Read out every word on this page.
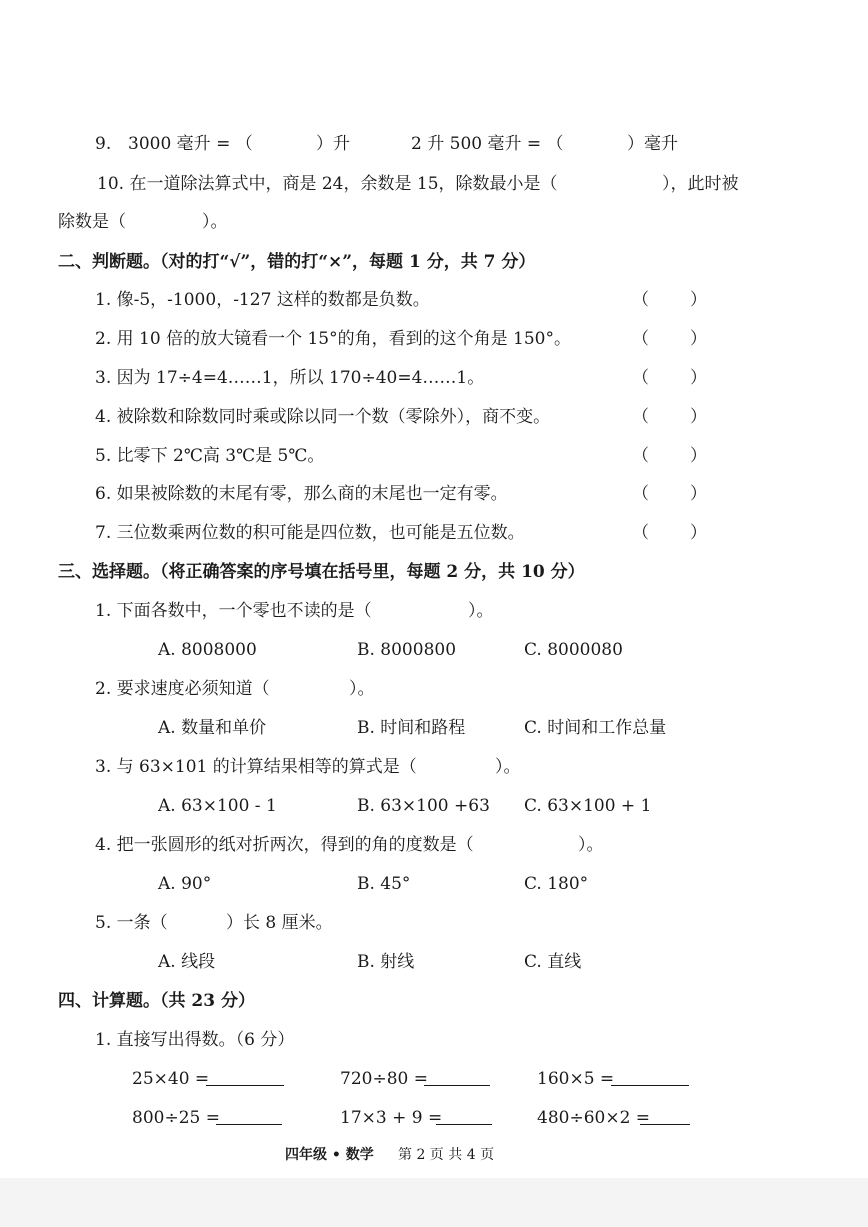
9. 3000 毫升 = （	）升	2 升 500 毫升 = （	）毫升
10. 在一道除法算式中，商是 24，余数是 15，除数最小是（	），此时被
除数是（	）。
二、判断题。（对的打“√”，错的打“×”，每题 1 分，共 7 分）
1. 像-5，-1000，-127 这样的数都是负数。	（ ）
2. 用 10 倍的放大镜看一个 15°的角，看到的这个角是 150°。	（ ）
3. 因为 17÷4=4……1，所以 170÷40=4……1。	（ ）
4. 被除数和除数同时乘或除以同一个数（零除外），商不变。	（ ）
5. 比零下 2℃高 3℃是 5℃。	（ ）
6. 如果被除数的末尾有零，那么商的末尾也一定有零。	（ ）
7. 三位数乘两位数的积可能是四位数，也可能是五位数。	（ ）
三、选择题。（将正确答案的序号填在括号里，每题 2 分，共 10 分）
1. 下面各数中，一个零也不读的是（	）。
A. 8008000	B. 8000800	C. 8000080
2. 要求速度必须知道（	）。
A. 数量和单价	B. 时间和路程	C. 时间和工作总量
3. 与 63×101 的计算结果相等的算式是（	）。
A. 63×100 - 1	B. 63×100 +63 C. 63×100 + 1
4. 把一张圆形的纸对折两次，得到的角的度数是（	）。
A. 90°	B. 45°	C. 180°
5. 一条（	）长 8 厘米。
A. 线段	B. 射线	C. 直线
四、计算题。（共 23 分）
1. 直接写出得数。（6 分）
25×40 =	720÷80 =	160×5 =
800÷25 =	17×3 + 9 =	480÷60×2 =
四年级 • 数学 第 2 页 共 4 页
